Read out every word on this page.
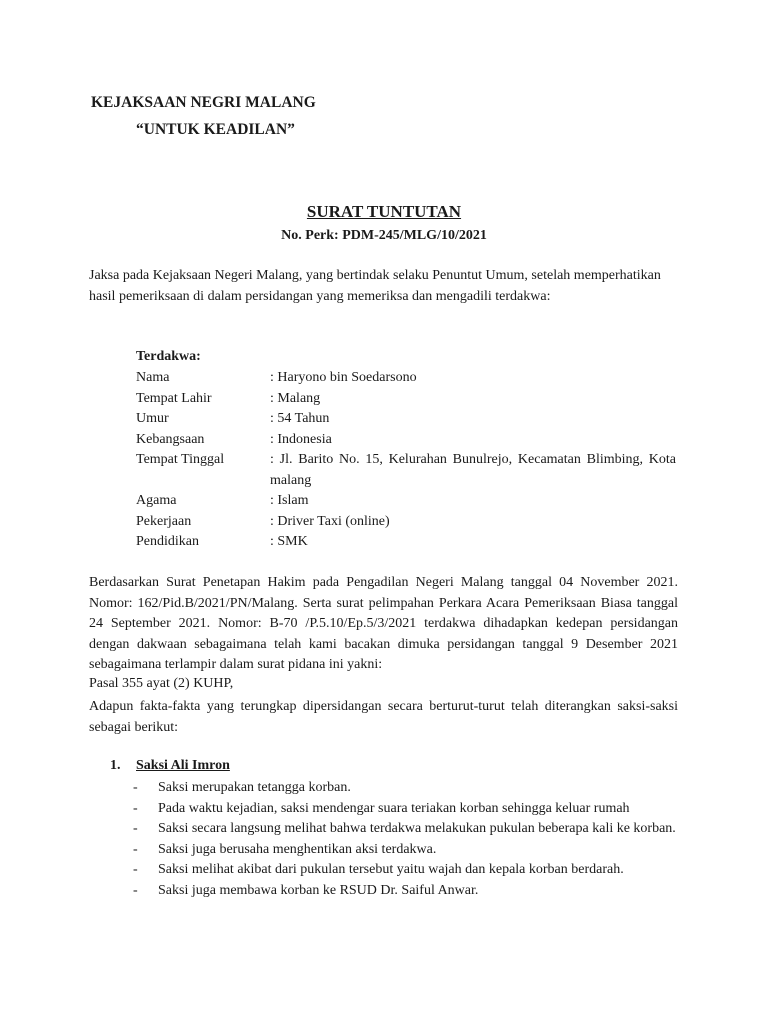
KEJAKSAAN NEGRI MALANG
“UNTUK KEADILAN”
SURAT TUNTUTAN
No. Perk: PDM-245/MLG/10/2021
Jaksa pada Kejaksaan Negeri Malang, yang bertindak selaku Penuntut Umum, setelah memperhatikan hasil pemeriksaan di dalam persidangan yang memeriksa dan mengadili terdakwa:
Terdakwa:
Nama	: Haryono bin Soedarsono
Tempat Lahir	: Malang
Umur	: 54 Tahun
Kebangsaan	: Indonesia
Tempat Tinggal	: Jl. Barito No. 15, Kelurahan Bunulrejo, Kecamatan Blimbing, Kota malang
Agama	: Islam
Pekerjaan	: Driver Taxi (online)
Pendidikan	: SMK
Berdasarkan Surat Penetapan Hakim pada Pengadilan Negeri Malang tanggal 04 November 2021. Nomor: 162/Pid.B/2021/PN/Malang. Serta surat pelimpahan Perkara Acara Pemeriksaan Biasa tanggal 24 September 2021. Nomor: B-70 /P.5.10/Ep.5/3/2021 terdakwa dihadapkan kedepan persidangan dengan dakwaan sebagaimana telah kami bacakan dimuka persidangan tanggal 9 Desember 2021 sebagaimana terlampir dalam surat pidana ini yakni:
Pasal 355 ayat (2) KUHP,
Adapun fakta-fakta yang terungkap dipersidangan secara berturut-turut telah diterangkan saksi-saksi sebagai berikut:
1. Saksi Ali Imron
- Saksi merupakan tetangga korban.
- Pada waktu kejadian, saksi mendengar suara teriakan korban sehingga keluar rumah
- Saksi secara langsung melihat bahwa terdakwa melakukan pukulan beberapa kali ke korban.
- Saksi juga berusaha menghentikan aksi terdakwa.
- Saksi melihat akibat dari pukulan tersebut yaitu wajah dan kepala korban berdarah.
- Saksi juga membawa korban ke RSUD Dr. Saiful Anwar.
